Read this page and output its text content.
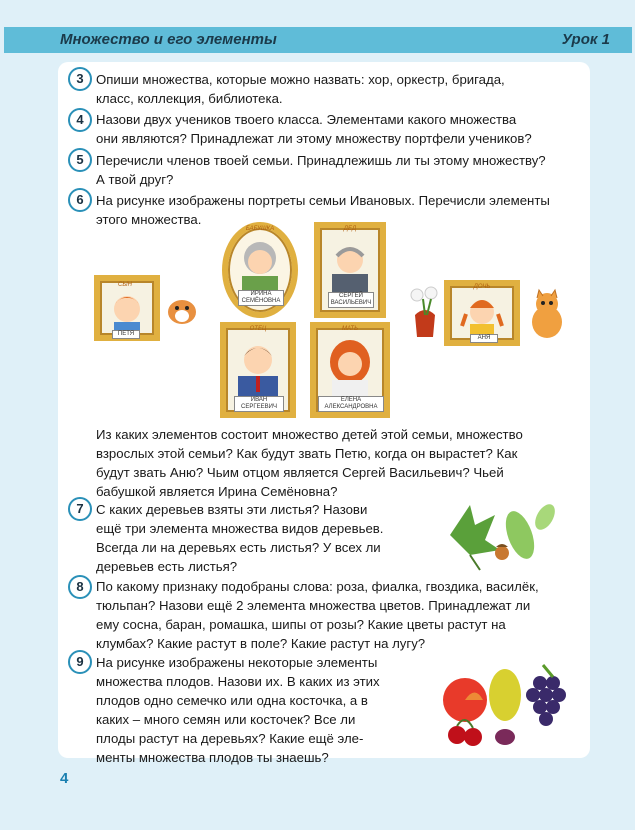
Множество и его элементы	Урок 1
3 Опиши множества, которые можно назвать: хор, оркестр, бригада,
класс, коллекция, библиотека.
4 Назови двух учеников твоего класса. Элементами какого множества
они являются? Принадлежат ли этому множеству портфели учеников?
5 Перечисли членов твоей семьи. Принадлежишь ли ты этому множеству?
А твой друг?
6 На рисунке изображены портреты семьи Ивановых. Перечисли элементы
этого множества.
СЫН
ПЕТЯ
БАБУШКА
ИРИНА
СЕМЁНОВНА
ДЕД
СЕРГЕЙ
ВАСИЛЬЕВИЧ
ОТЕЦ
ИВАН
СЕРГЕЕВИЧ
МАТЬ
ЕЛЕНА
АЛЕКСАНДРОВНА
ДОЧЬ
АНЯ
Из каких элементов состоит множество детей этой семьи, множество
взрослых этой семьи? Как будут звать Петю, когда он вырастет? Как
будут звать Аню? Чьим отцом является Сергей Васильевич? Чьей
бабушкой является Ирина Семёновна?
7 С каких деревьев взяты эти листья? Назови
ещё три элемента множества видов деревьев.
Всегда ли на деревьях есть листья? У всех ли
деревьев есть листья?
8 По какому признаку подобраны слова: роза, фиалка, гвоздика, василёк,
тюльпан? Назови ещё 2 элемента множества цветов. Принадлежат ли
ему сосна, баран, ромашка, шипы от розы? Какие цветы растут на
клумбах? Какие растут в поле? Какие растут на лугу?
9 На рисунке изображены некоторые элементы
множества плодов. Назови их. В каких из этих
плодов одно семечко или одна косточка, а в
каких – много семян или косточек? Все ли
плоды растут на деревьях? Какие ещё эле-
менты множества плодов ты знаешь?
4
